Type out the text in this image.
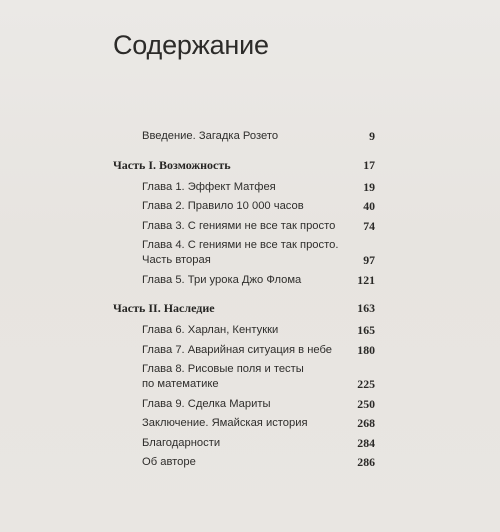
Содержание
Введение. Загадка Розето	9
Часть I. Возможность	17
Глава 1. Эффект Матфея	19
Глава 2. Правило 10 000 часов	40
Глава 3. С гениями не все так просто 74
Глава 4. С гениями не все так просто.
Часть вторая	97
Глава 5. Три урока Джо Флома	121
Часть II. Наследие	163
Глава 6. Харлан, Кентукки	165
Глава 7. Аварийная ситуация в небе 180
Глава 8. Рисовые поля и тесты
по математике	225
Глава 9. Сделка Мариты	250
Заключение. Ямайская история	268
Благодарности	284
Об авторе	286
